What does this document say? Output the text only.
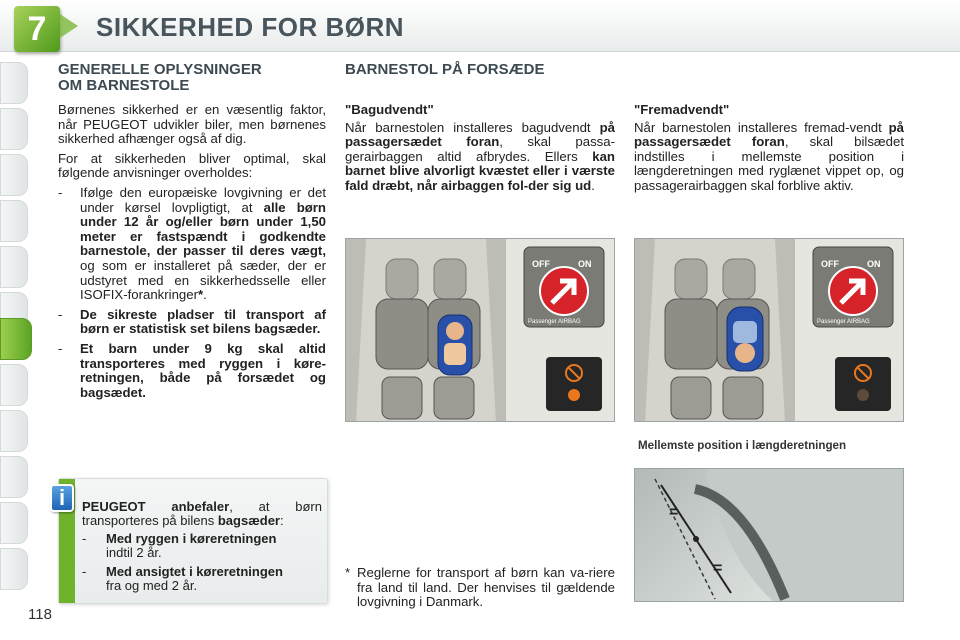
7	SIKKERHED FOR BØRN
118
GENERELLE OPLYSNINGER
OM BARNESTOLE

Børnenes sikkerhed er en væsentlig faktor, når PEUGEOT udvikler biler, men børnenes sikkerhed afhænger også af dig.

For at sikkerheden bliver optimal, skal følgende anvisninger overholdes:

- Ifølge den europæiske lovgivning er det under kørsel lovpligtigt, at alle børn under 12 år og/eller børn under 1,50 meter er fastspændt i godkendte barnestole, der passer til deres vægt, og som er installeret på sæder, der er udstyret med en sikkerhedsselle eller ISOFIX-forankringer*.
- De sikreste pladser til transport af børn er statistisk set bilens bagsæder.
- Et barn under 9 kg skal altid transporteres med ryggen i køre-retningen, både på forsædet og bagsædet.
i	PEUGEOT anbefaler, at børn transporteres på bilens bagsæder:

- Med ryggen i køreretningen
indtil 2 år.
- Med ansigtet i køreretningen
fra og med 2 år.
BARNESTOL PÅ FORSÆDE

"Bagudvendt"

Når barnestolen installeres bagudvendt på passagersædet foran, skal passa-gerairbaggen altid afbrydes. Ellers kan barnet blive alvorligt kvæstet eller i værste fald dræbt, når airbaggen fol-der sig ud.

"Fremadvendt"

Når barnestolen installeres fremad-vendt på passagersædet foran, skal bilsædet indstilles i mellemste position i længderetningen med ryglænet vippet op, og passagerairbaggen skal forblive aktiv.

OFF	ON
Passenger AIRBAG
OFF	ON
Passenger AIRBAG
Mellemste position i længderetningen
=
=
* Reglerne for transport af børn kan va-riere fra land til land. Der henvises til gældende lovgivning i Danmark.
